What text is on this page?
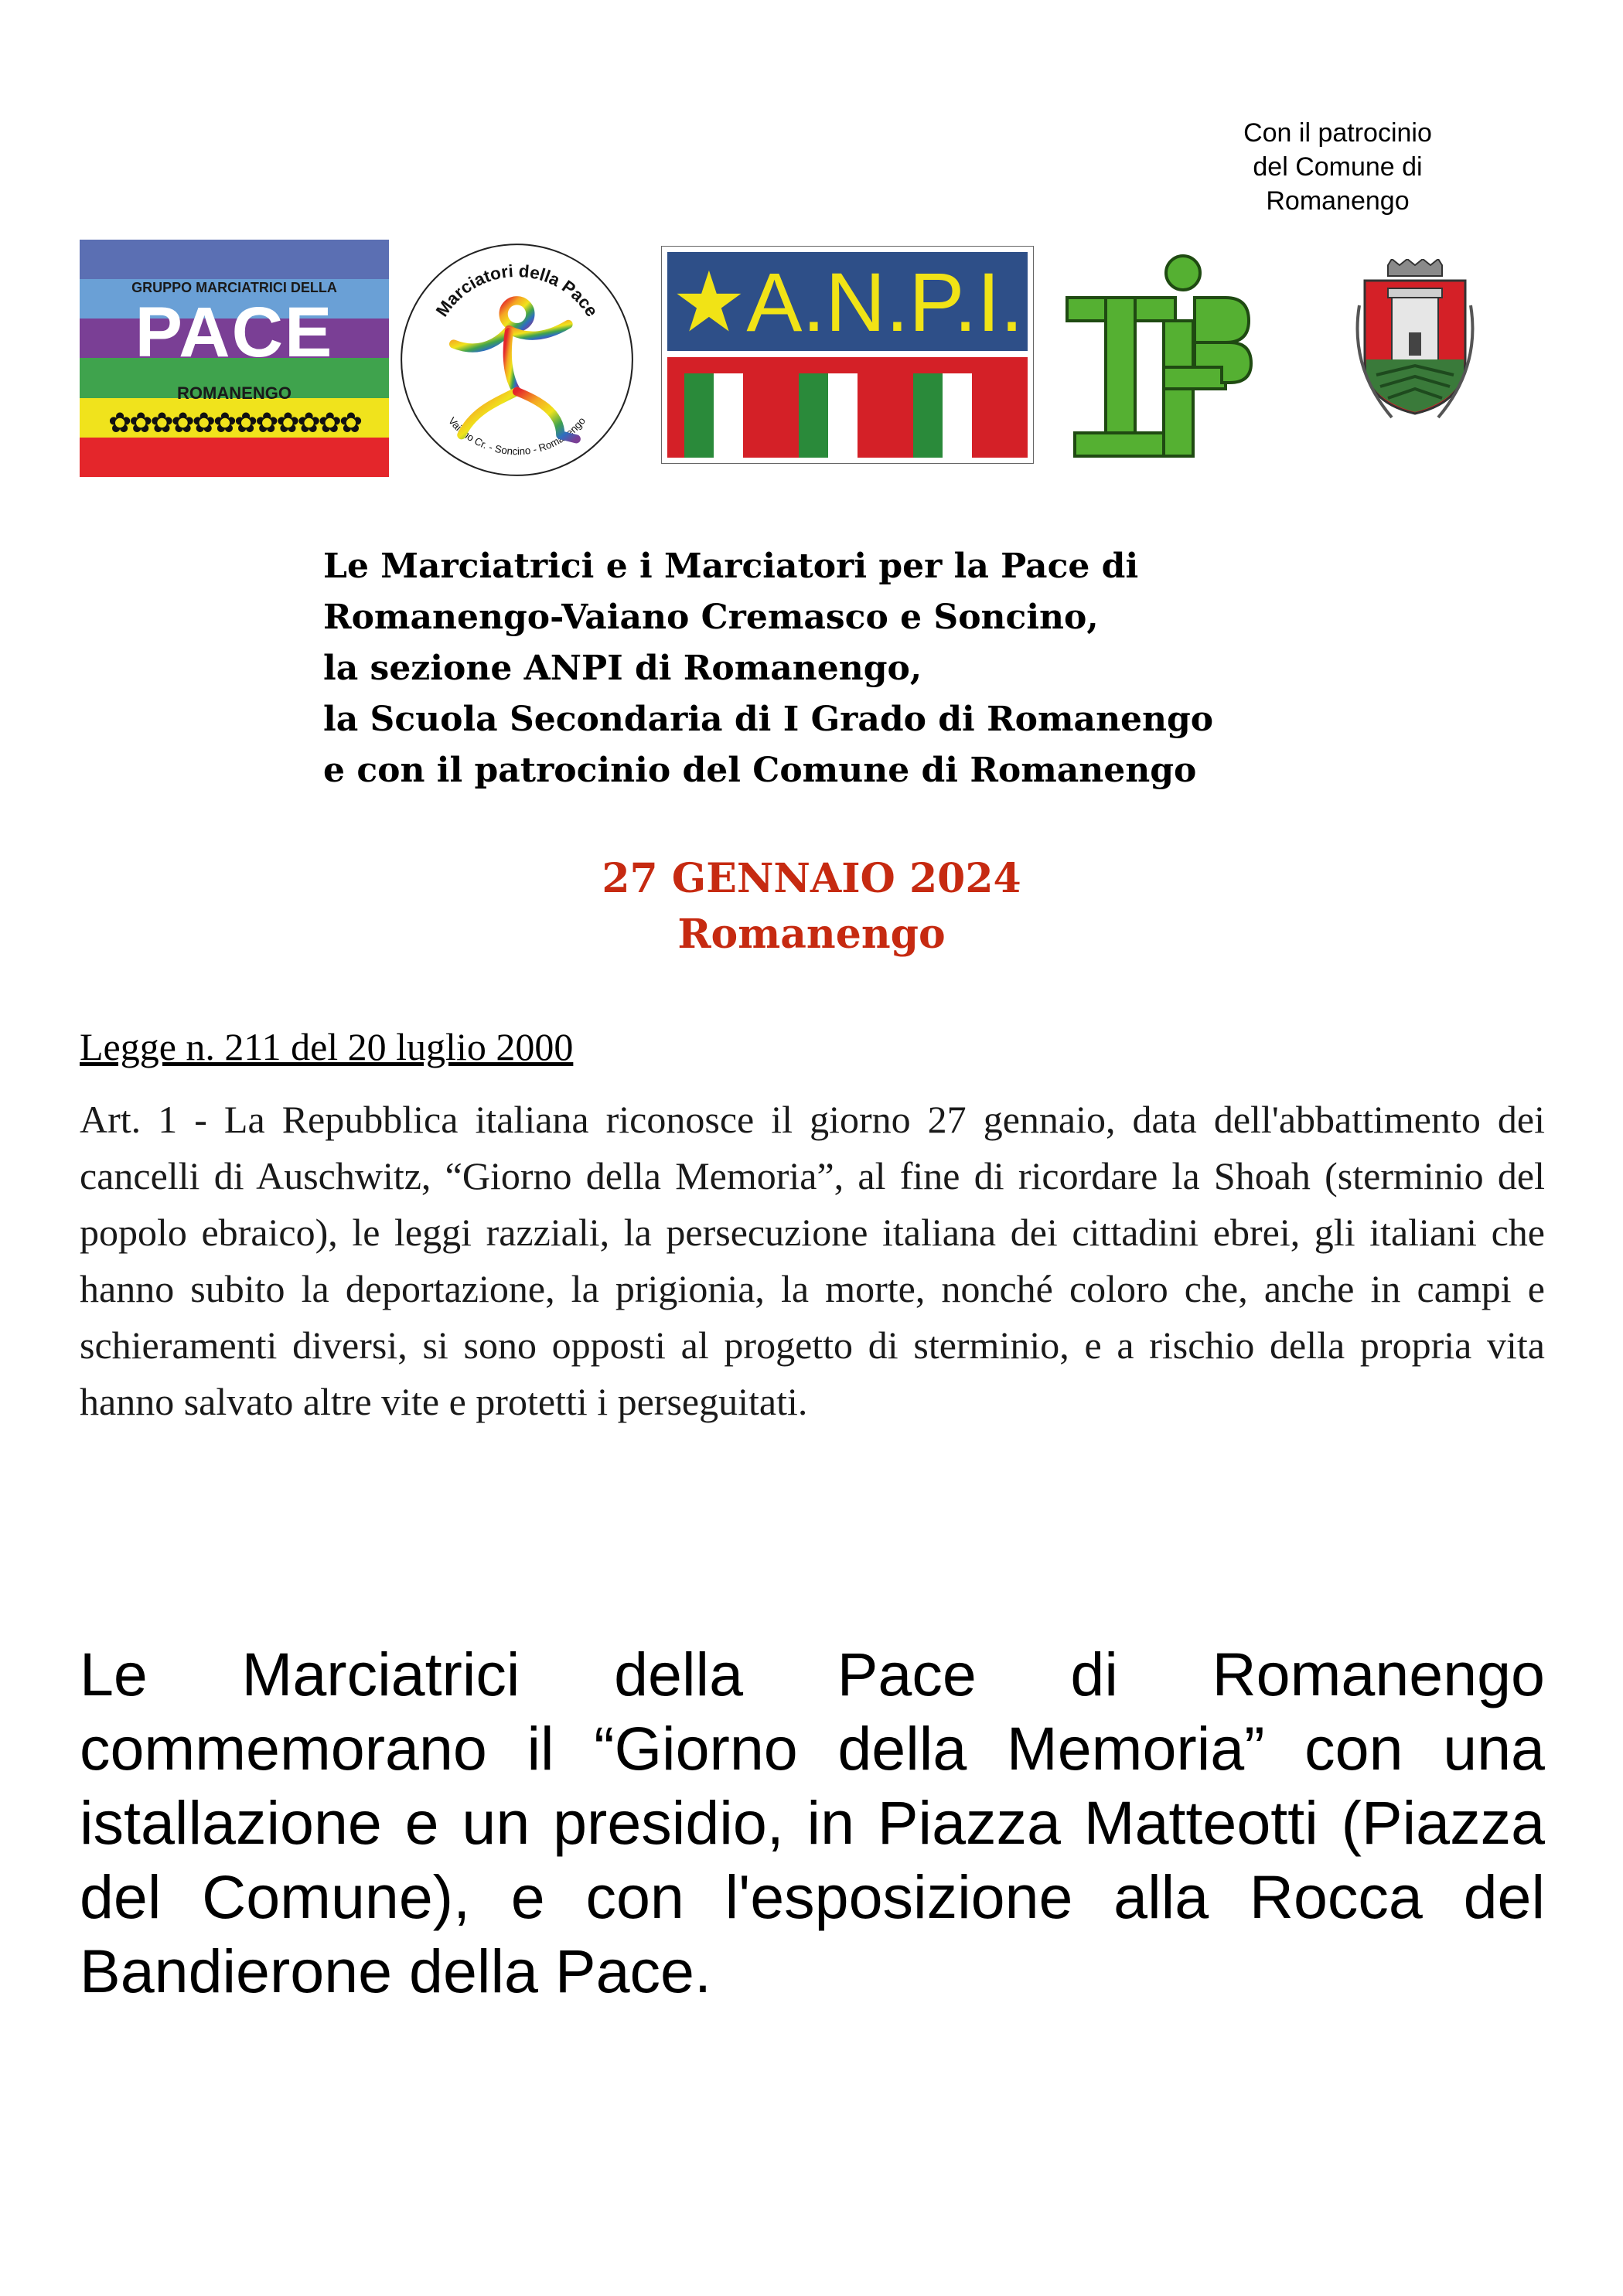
Con il patrocinio
del Comune di
Romanengo
GRUPPO MARCIATRICI DELLA
PACE
ROMANENGO
✿✿✿✿✿✿✿✿✿✿✿✿
Marciatori della Pace
Vaiano Cr. - Soncino - Romanengo
★A.N.P.I.
Le Marciatrici e i Marciatori per la Pace di
Romanengo-Vaiano Cremasco e Soncino,
la sezione ANPI di Romanengo,
la Scuola Secondaria di I Grado di Romanengo
e con il patrocinio del Comune di Romanengo
27 GENNAIO 2024
Romanengo
Legge n. 211 del 20 luglio 2000
Art. 1 - La Repubblica italiana riconosce il giorno 27 gennaio, data dell'abbattimento dei cancelli di Auschwitz, “Giorno della Memoria”, al fine di ricordare la Shoah (sterminio del popolo ebraico), le leggi razziali, la persecuzione italiana dei cittadini ebrei, gli italiani che hanno subito la deportazione, la prigionia, la morte, nonché coloro che, anche in campi e schieramenti diversi, si sono opposti al progetto di sterminio, e a rischio della propria vita hanno salvato altre vite e protetti i perseguitati.
Le Marciatrici della Pace di Romanengo commemorano il “Giorno della Memoria” con una istallazione e un presidio, in Piazza Matteotti (Piazza del Comune), e con l'esposizione alla Rocca del Bandierone della Pace.
